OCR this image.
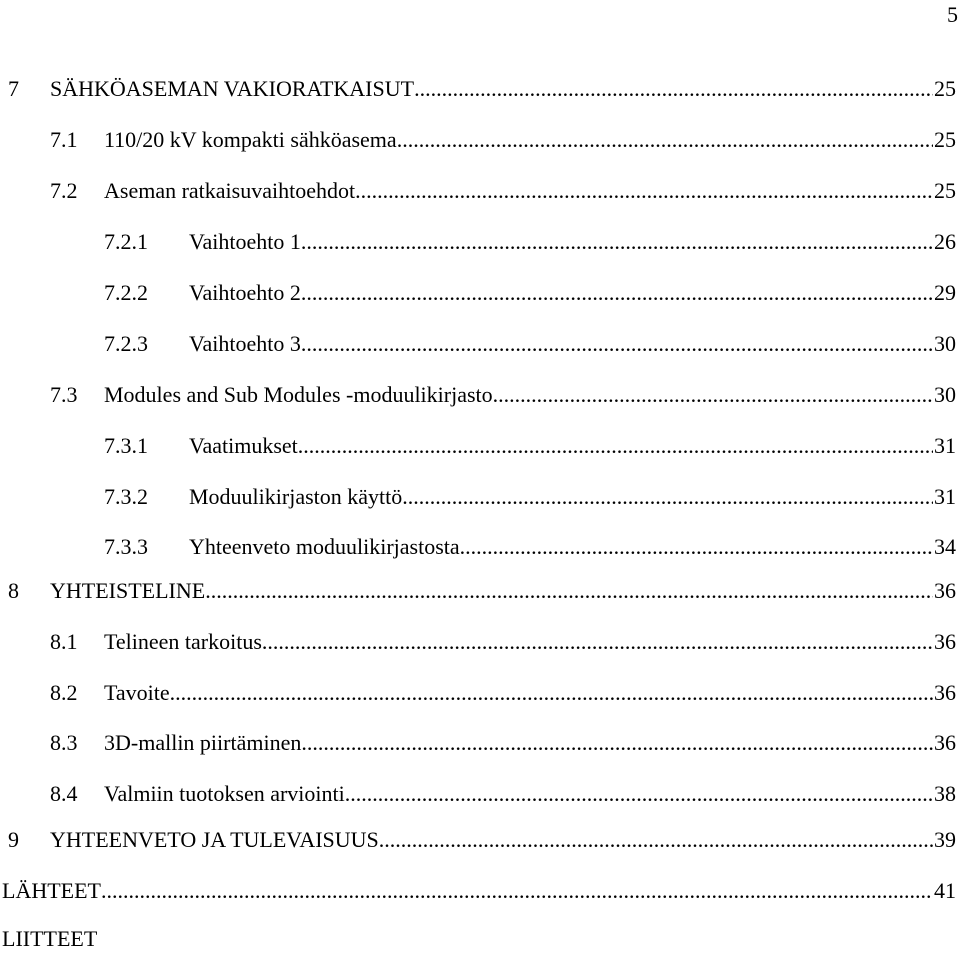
5
7 SÄHKÖASEMAN VAKIORATKAISUT .....	25
7.1 110/20 kV kompakti sähköasema .....	25
7.2 Aseman ratkaisuvaihtoehdot .....	25
7.2.1 Vaihtoehto 1 .....	26
7.2.2 Vaihtoehto 2 .....	29
7.2.3 Vaihtoehto 3 .....	30
7.3 Modules and Sub Modules -moduulikirjasto .....	30
7.3.1 Vaatimukset .....	31
7.3.2 Moduulikirjaston käyttö .....	31
7.3.3 Yhteenveto moduulikirjastosta .....	34
8 YHTEISTELINE .....	36
8.1 Telineen tarkoitus .....	36
8.2 Tavoite .....	36
8.3 3D-mallin piirtäminen .....	36
8.4 Valmiin tuotoksen arviointi .....	38
9 YHTEENVETO JA TULEVAISUUS .....	39
LÄHTEET .....	41
LIITTEET
